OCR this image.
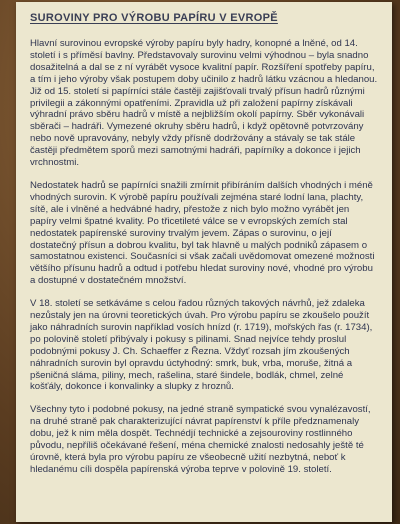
SUROVINY PRO VÝROBU PAPÍRU V EVROPĚ

Hlavní surovinou evropské výroby papíru byly hadry, konopné a lněné, od 14. století i s příměsí bavlny. Představovaly surovinu velmi výhodnou – byla snadno dosažitelná a dal se z ní vyrábět vysoce kvalitní papír. Rozšíření spotřeby papíru, a tím i jeho výroby však postupem doby učinilo z hadrů látku vzácnou a hledanou. Již od 15. století si papírníci stále častěji zajišťovali trvalý přísun hadrů různými privilegii a zákonnými opatřeními. Zpravidla už při založení papírny získávali výhradní právo sběru hadrů v místě a nejbližším okolí papírny. Sběr vykonávali sběrači – hadráři. Vymezené okruhy sběru hadrů, i když opětovně potvrzovány nebo nově upravovány, nebyly vždy přísně dodržovány a stávaly se tak stále častěji předmětem sporů mezi samotnými hadráři, papírníky a dokonce i jejich vrchnostmi.

Nedostatek hadrů se papírníci snažili zmírnit přibíráním dalších vhodných i méně vhodných surovin. K výrobě papíru používali zejména staré lodní lana, plachty, sítě, ale i vlněné a hedvábné hadry, přestože z nich bylo možno vyrábět jen papíry velmi špatné kvality. Po třicetileté válce se v evropských zemích stal nedostatek papírenské suroviny trvalým jevem. Zápas o surovinu, o její dostatečný přísun a dobrou kvalitu, byl tak hlavně u malých podniků zápasem o samostatnou existenci. Současníci si však začali uvědomovat omezené možnosti většího přísunu hadrů a odtud i potřebu hledat suroviny nové, vhodné pro výrobu a dostupné v dostatečném množství.

V 18. století se setkáváme s celou řadou různých takových návrhů, jež zdaleka nezůstaly jen na úrovni teoretických úvah. Pro výrobu papíru se zkoušelo použít jako náhradních surovin například vosích hnízd (r. 1719), mořských řas (r. 1734), po polovině století přibývaly i pokusy s pilinami. Snad nejvíce tehdy proslul podobnými pokusy J. Ch. Schaeffer z Řezna. Vždyť rozsah jím zkoušených náhradních surovin byl opravdu úctyhodný: smrk, buk, vrba, moruše, žitná a pšeničná sláma, piliny, mech, rašelina, staré šindele, bodlák, chmel, zelné košťály, dokonce i konvalinky a slupky z hroznů.

Všechny tyto i podobné pokusy, na jedné straně sympatické svou vynalézavostí, na druhé straně pak charakterizující návrat papírenství k příle předznamenaly dobu, jež k nim měla dospět. Technédjí technické a zejsouroviny rostlinného původu, nepříliš očekávané řešení, ména chemické znalosti nedosahly ještě té úrovně, která byla pro výrobu papíru ze všeobecně užití nezbytná, neboť k hledanému cíli dospěla papírenská výroba teprve v polovině 19. století.
